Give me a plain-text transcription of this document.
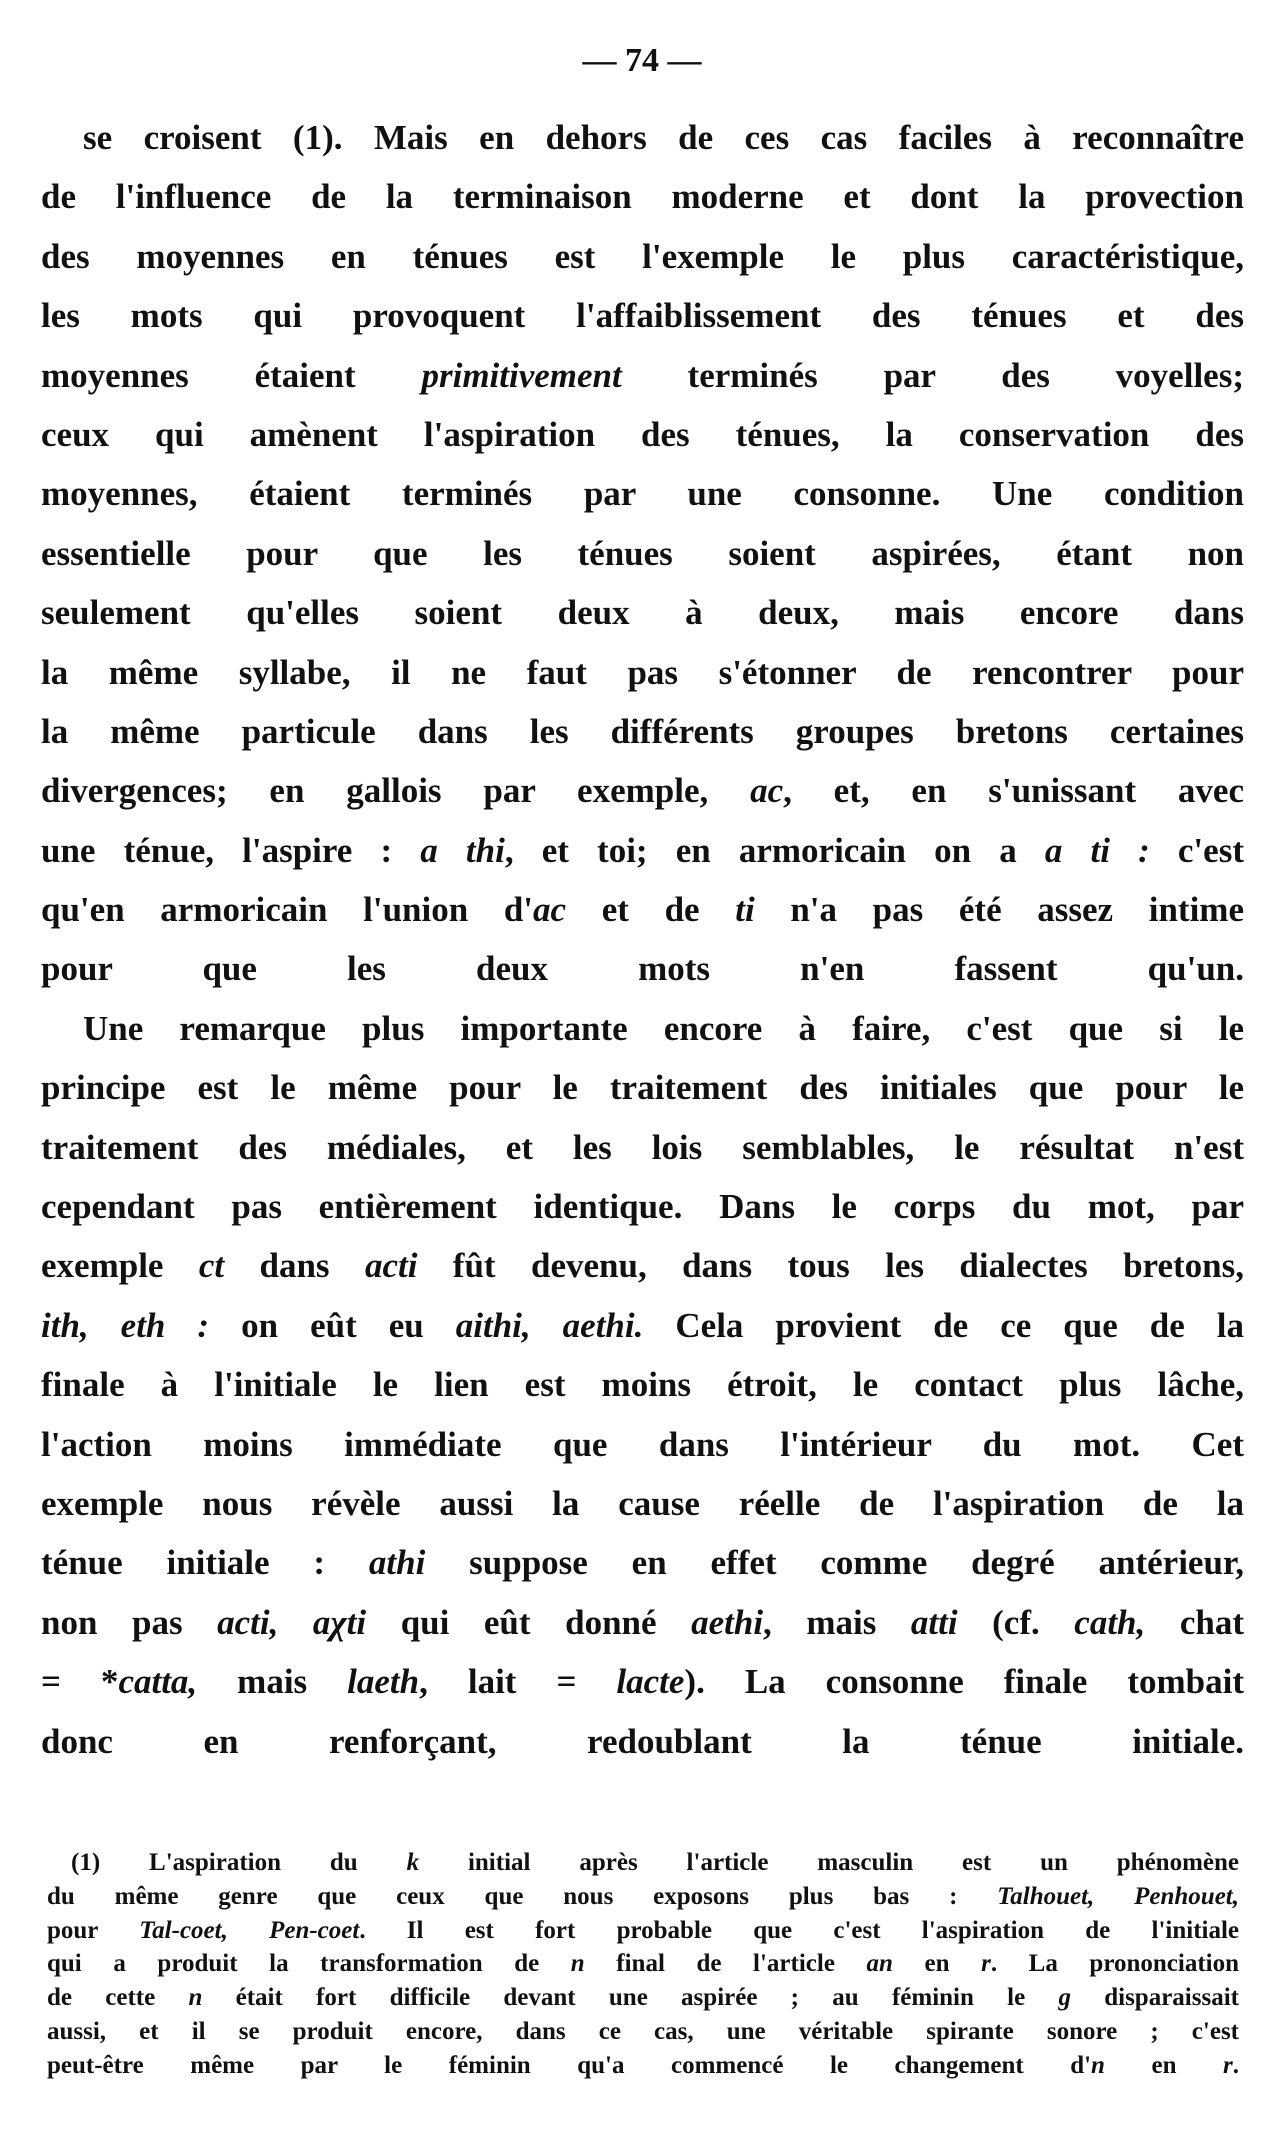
— 74 —
se croisent (1). Mais en dehors de ces cas faciles à reconnaître
de l'influence de la terminaison moderne et dont la provection
des moyennes en ténues est l'exemple le plus caractéristique,
les mots qui provoquent l'affaiblissement des ténues et des
moyennes étaient primitivement terminés par des voyelles;
ceux qui amènent l'aspiration des ténues, la conservation des
moyennes, étaient terminés par une consonne. Une condition
essentielle pour que les ténues soient aspirées, étant non
seulement qu'elles soient deux à deux, mais encore dans
la même syllabe, il ne faut pas s'étonner de rencontrer pour
la même particule dans les différents groupes bretons certaines
divergences; en gallois par exemple, ac, et, en s'unissant avec
une ténue, l'aspire : a thi, et toi; en armoricain on a a ti : c'est
qu'en armoricain l'union d'ac et de ti n'a pas été assez intime
pour que les deux mots n'en fassent qu'un.
Une remarque plus importante encore à faire, c'est que si le
principe est le même pour le traitement des initiales que pour le
traitement des médiales, et les lois semblables, le résultat n'est
cependant pas entièrement identique. Dans le corps du mot, par
exemple ct dans acti fût devenu, dans tous les dialectes bretons,
ith, eth : on eût eu aithi, aethi. Cela provient de ce que de la
finale à l'initiale le lien est moins étroit, le contact plus lâche,
l'action moins immédiate que dans l'intérieur du mot. Cet
exemple nous révèle aussi la cause réelle de l'aspiration de la
ténue initiale : athi suppose en effet comme degré antérieur,
non pas acti, aχti qui eût donné aethi, mais atti (cf. cath, chat
= *catta, mais laeth, lait = lacte). La consonne finale tombait
donc en renforçant, redoublant la ténue initiale.
(1) L'aspiration du k initial après l'article masculin est un phénomène
du même genre que ceux que nous exposons plus bas : Talhouet, Penhouet,
pour Tal-coet, Pen-coet. Il est fort probable que c'est l'aspiration de l'initiale
qui a produit la transformation de n final de l'article an en r. La prononciation
de cette n était fort difficile devant une aspirée ; au féminin le g disparaissait
aussi, et il se produit encore, dans ce cas, une véritable spirante sonore ; c'est
peut-être même par le féminin qu'a commencé le changement d'n en r.
